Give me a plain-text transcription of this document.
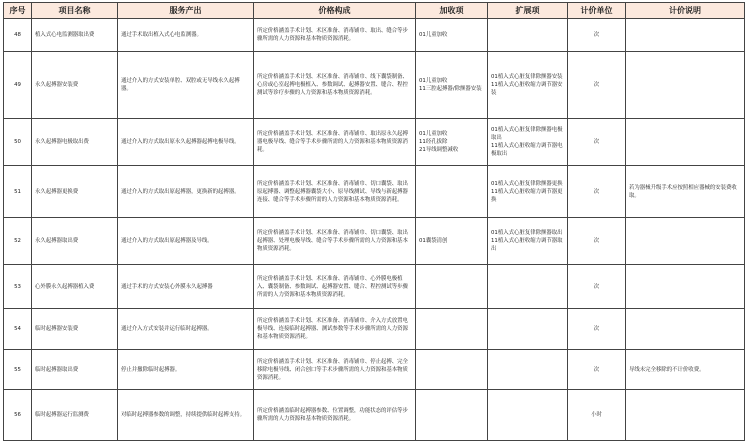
序号	项目名称	服务产出	价格构成	加收项	扩展项	计价单位	计价说明
48	植入式心电监测器取出费	通过手术取出植入式心电监测器。	所定价格涵盖手术计划、术区准备、消毒铺巾、取出、缝合等步骤所需的人力资源和基本物质资源消耗。	01儿童加收		次	
49	永久起搏器安装费	通过介入的方式安装单腔、双腔或无导线永久起搏器。	所定价格涵盖手术计划、术区准备、消毒铺巾、线下囊袋制备、心房或心室起搏电极植入、参数调试、起搏器安置、缝合、程控测试等诊疗步骤的人力资源和基本物质资源消耗。	01儿童加收
11三腔起搏器/除颤器安装	01植入式心脏复律除颤器安装
11植入式心脏收缩力调节器安装	次	
50	永久起搏器电极取出费	通过介入的方式取出原永久起搏器起搏电极导线。	所定价格涵盖手术计划、术区准备、消毒铺巾、取出原永久起搏器电极导线、缝合等手术步骤所需的人力资源和基本物质资源消耗。	01儿童加收
11经孔拔除
21导线调整减收	01植入式心脏复律除颤器电极取出
11植入式心脏收缩力调节器电极取出	次	
51	永久起搏器更换费	通过介入的方式取出原起搏器，更换新的起搏器。	所定价格涵盖手术计划、术区准备、消毒铺巾、切口囊袋、取出原起搏器、调整起搏器囊袋大小、原导线测试、导线与新起搏器连接、缝合等手术步骤所需的人力资源和基本物质资源消耗。		01植入式心脏复律除颤器更换
11植入式心脏收缩力调节器更换	次	若为器械升级手术应按照相应器械的安装费收取。
52	永久起搏器取出费	通过介入的方式取出原起搏器及导线。	所定价格涵盖手术计划、术区准备、消毒铺巾、切口囊袋、取出起搏器、处理电极导线、缝合等手术步骤所需的人力资源和基本物质资源消耗。	01囊袋清创	01植入式心脏复律除颤器取出
11植入式心脏收缩力调节器取出	次	
53	心外膜永久起搏器植入费	通过手术的方式安装心外膜永久起搏器	所定价格涵盖手术计划、术区准备、消毒铺巾、心外膜电极植入、囊袋制备、参数调试、起搏器安置、缝合、程控测试等步骤所需的人力资源和基本物质资源消耗。			次	
54	临时起搏器安装费	通过介入方式安装并运行临时起搏器。	所定价格涵盖手术计划、术区准备、消毒铺巾、介入方式放置电极导线、连接临时起搏器、测试参数等手术步骤所需的人力资源和基本物质资源消耗。			次	
55	临时起搏器取出费	停止并撤除临时起搏器。	所定价格涵盖手术计划、术区准备、消毒铺巾、停止起搏、完全移除电极导线、闭合创口等手术步骤所需的人力资源和基本物质资源消耗。			次	导线未完全移除的不计价收费。
56	临时起搏器运行监测费	对临时起搏器参数的调整，持续提供临时起搏支持。	所定价格涵盖临时起搏器参数、位置调整，功能状态的评估等步骤所需的人力资源和基本物质资源消耗。			小时	
